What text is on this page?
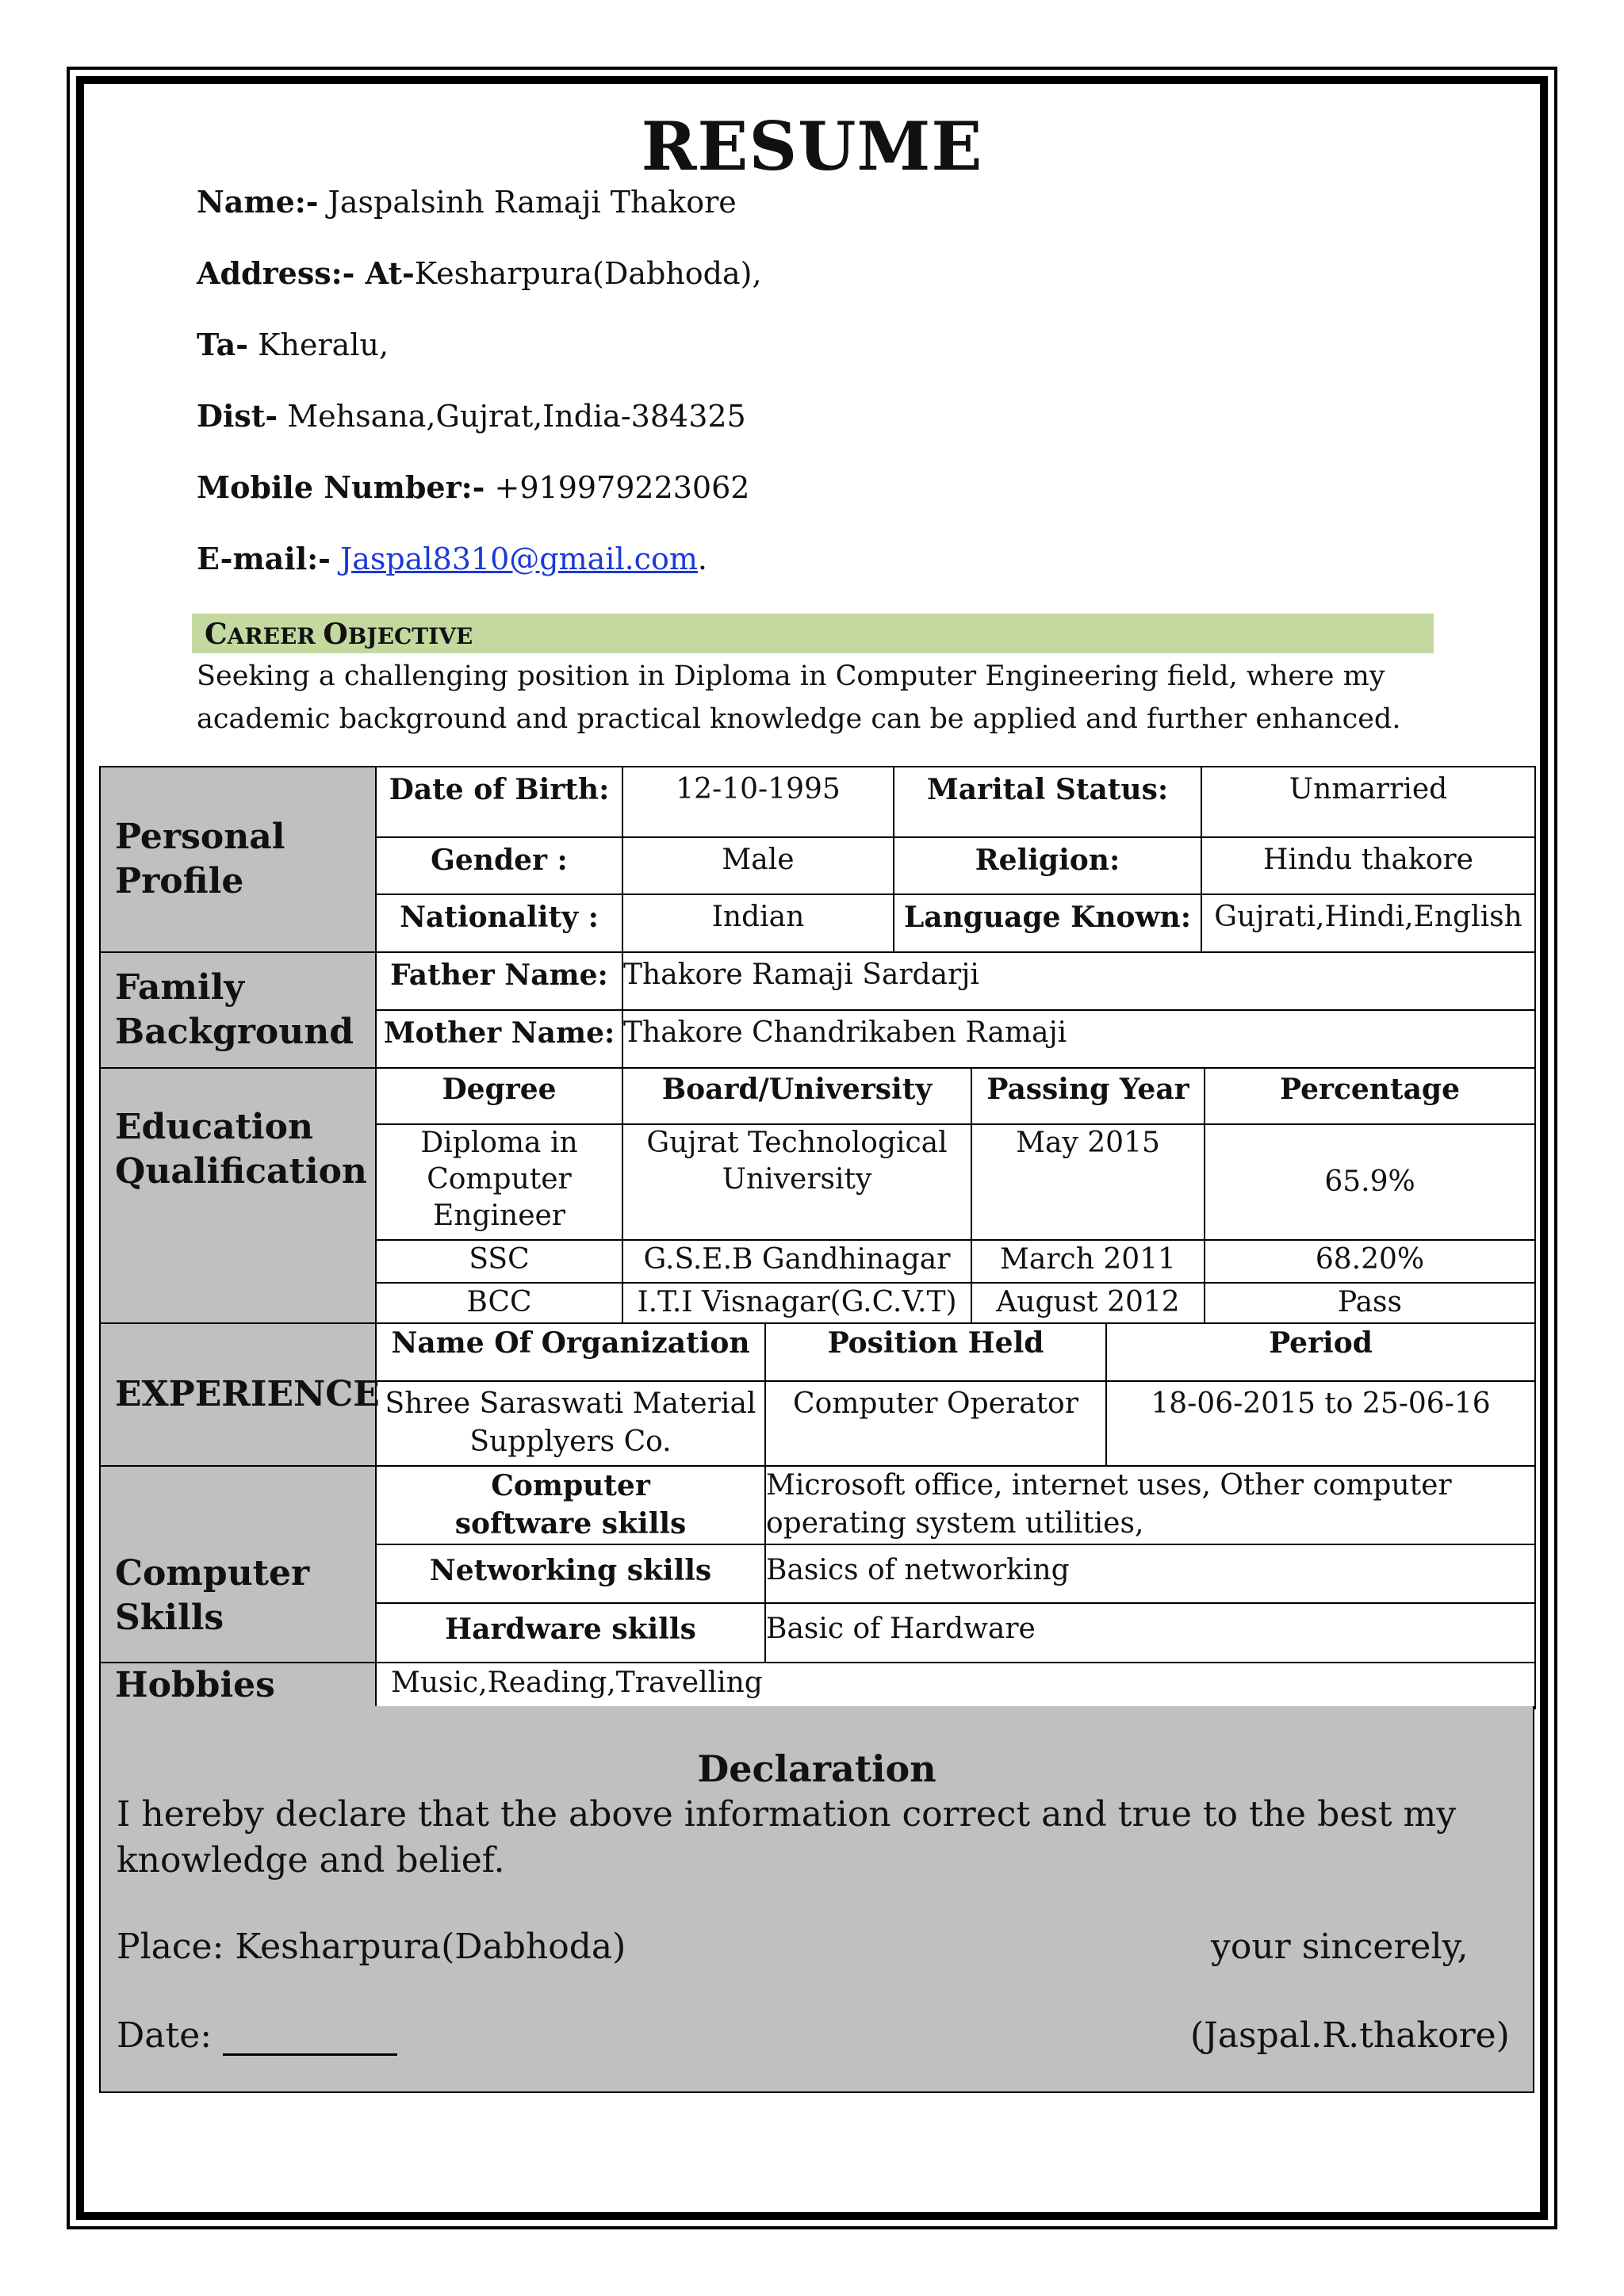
RESUME
Name:- Jaspalsinh Ramaji Thakore
Address:- At-Kesharpura(Dabhoda),
Ta- Kheralu,
Dist- Mehsana,Gujrat,India-384325
Mobile Number:- +919979223062
E-mail:- Jaspal8310@gmail.com.
CAREER OBJECTIVE
Seeking a challenging position in Diploma in Computer Engineering field, where my academic background and practical knowledge can be applied and further enhanced.
Personal Profile	
Date of Birth:	12-10-1995	Marital Status:	Unmarried
Gender :	Male	Religion:	Hindu thakore
Nationality :	Indian	Language Known:	Gujrati,Hindi,English

Family Background	
Father Name:	Thakore Ramaji Sardarji
Mother Name:	Thakore Chandrikaben Ramaji

Education Qualification	
Degree	Board/University	Passing Year	Percentage
Diploma in Computer Engineer	Gujrat Technological University	May 2015	65.9%
SSC	G.S.E.B Gandhinagar	March 2011	68.20%
BCC	I.T.I Visnagar(G.C.V.T)	August 2012	Pass

EXPERIENCE	
Name Of Organization	Position Held	Period
Shree Saraswati Material Supplyers Co.	Computer Operator	18-06-2015 to 25-06-16

Computer Skills	
Computer software skills	Microsoft office, internet uses, Other computer operating system utilities,
Networking skills	Basics of networking
Hardware skills	Basic of Hardware

Hobbies	Music,Reading,Travelling
Declaration
I hereby declare that the above information correct and true to the best my knowledge and belief.
Place: Kesharpura(Dabhoda)	your sincerely,
Date:	(Jaspal.R.thakore)
